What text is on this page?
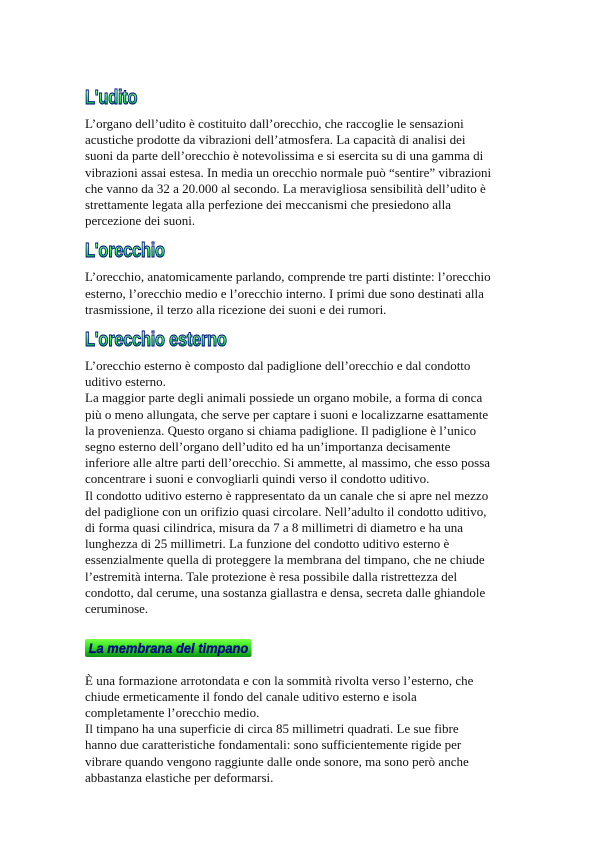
L'udito

L’organo dell’udito è costituito dall’orecchio, che raccoglie le sensazioni
acustiche prodotte da vibrazioni dell’atmosfera. La capacità di analisi dei
suoni da parte dell’orecchio è notevolissima e si esercita su di una gamma di
vibrazioni assai estesa. In media un orecchio normale può “sentire” vibrazioni
che vanno da 32 a 20.000 al secondo. La meravigliosa sensibilità dell’udito è
strettamente legata alla perfezione dei meccanismi che presiedono alla
percezione dei suoni.

L'orecchio

L’orecchio, anatomicamente parlando, comprende tre parti distinte: l’orecchio
esterno, l’orecchio medio e l’orecchio interno. I primi due sono destinati alla
trasmissione, il terzo alla ricezione dei suoni e dei rumori.

L'orecchio esterno

L’orecchio esterno è composto dal padiglione dell’orecchio e dal condotto
uditivo esterno.
La maggior parte degli animali possiede un organo mobile, a forma di conca
più o meno allungata, che serve per captare i suoni e localizzarne esattamente
la provenienza. Questo organo si chiama padiglione. Il padiglione è l’unico
segno esterno dell’organo dell’udito ed ha un’importanza decisamente
inferiore alle altre parti dell’orecchio. Si ammette, al massimo, che esso possa
concentrare i suoni e convogliarli quindi verso il condotto uditivo.
Il condotto uditivo esterno è rappresentato da un canale che si apre nel mezzo
del padiglione con un orifizio quasi circolare. Nell’adulto il condotto uditivo,
di forma quasi cilindrica, misura da 7 a 8 millimetri di diametro e ha una
lunghezza di 25 millimetri. La funzione del condotto uditivo esterno è
essenzialmente quella di proteggere la membrana del timpano, che ne chiude
l’estremità interna. Tale protezione è resa possibile dalla ristrettezza del
condotto, dal cerume, una sostanza giallastra e densa, secreta dalle ghiandole
ceruminose.

La membrana del timpano

È una formazione arrotondata e con la sommità rivolta verso l’esterno, che
chiude ermeticamente il fondo del canale uditivo esterno e isola
completamente l’orecchio medio.
Il timpano ha una superficie di circa 85 millimetri quadrati. Le sue fibre
hanno due caratteristiche fondamentali: sono sufficientemente rigide per
vibrare quando vengono raggiunte dalle onde sonore, ma sono però anche
abbastanza elastiche per deformarsi.
